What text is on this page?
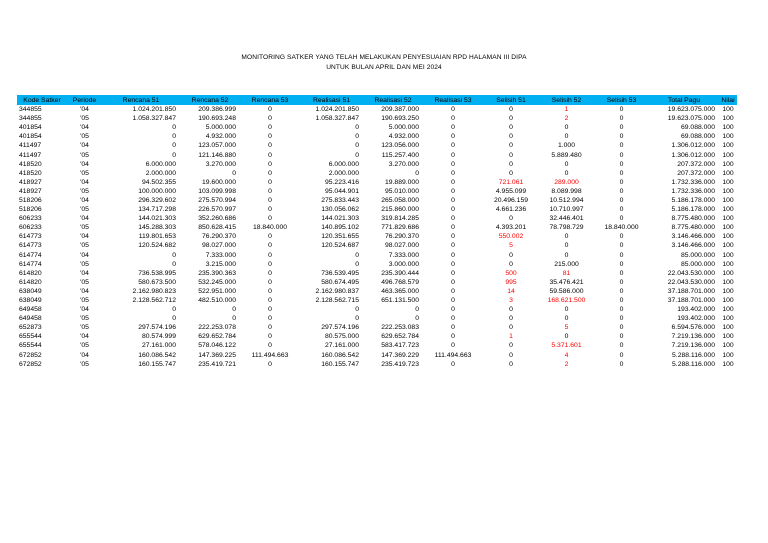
MONITORING SATKER YANG TELAH MELAKUKAN PENYESUAIAN RPD HALAMAN III DIPA
UNTUK BULAN APRIL DAN MEI 2024
Kode Satker	Periode	Rencana 51	Rencana 52	Rencana 53	Realisasi 51	Realisasi 52	Realisasi 53	Selisih 51	Selisih 52	Selisih 53	Total Pagu	Nilai
344855	'04	1.024.201.850	209.386.999	0	1.024.201.850	209.387.000	0	0	1	0	19.623.075.000	100
344855	'05	1.058.327.847	190.693.248	0	1.058.327.847	190.693.250	0	0	2	0	19.623.075.000	100
401854	'04	0	5.000.000	0	0	5.000.000	0	0	0	0	69.088.000	100
401854	'05	0	4.932.000	0	0	4.932.000	0	0	0	0	69.088.000	100
411497	'04	0	123.057.000	0	0	123.056.000	0	0	1.000	0	1.306.012.000	100
411497	'05	0	121.146.880	0	0	115.257.400	0	0	5.889.480	0	1.306.012.000	100
418520	'04	6.000.000	3.270.000	0	6.000.000	3.270.000	0	0	0	0	207.372.000	100
418520	'05	2.000.000	0	0	2.000.000	0	0	0	0	0	207.372.000	100
418927	'04	94.502.355	19.600.000	0	95.223.416	19.889.000	0	721.061	289.000	0	1.732.336.000	100
418927	'05	100.000.000	103.099.998	0	95.044.901	95.010.000	0	4.955.099	8.089.998	0	1.732.336.000	100
518206	'04	296.329.602	275.570.994	0	275.833.443	265.058.000	0	20.496.159	10.512.994	0	5.186.178.000	100
518206	'05	134.717.298	226.570.997	0	130.056.062	215.860.000	0	4.661.236	10.710.997	0	5.186.178.000	100
606233	'04	144.021.303	352.260.686	0	144.021.303	319.814.285	0	0	32.446.401	0	8.775.480.000	100
606233	'05	145.288.303	850.628.415	18.840.000	140.895.102	771.829.686	0	4.393.201	78.798.729	18.840.000	8.775.480.000	100
614773	'04	119.801.653	76.290.370	0	120.351.655	76.290.370	0	550.002	0	0	3.146.466.000	100
614773	'05	120.524.682	98.027.000	0	120.524.687	98.027.000	0	5	0	0	3.146.466.000	100
614774	'04	0	7.333.000	0	0	7.333.000	0	0	0	0	85.000.000	100
614774	'05	0	3.215.000	0	0	3.000.000	0	0	215.000	0	85.000.000	100
614820	'04	736.538.995	235.390.363	0	736.539.495	235.390.444	0	500	81	0	22.043.530.000	100
614820	'05	580.673.500	532.245.000	0	580.674.495	496.768.579	0	995	35.476.421	0	22.043.530.000	100
638049	'04	2.162.980.823	522.951.000	0	2.162.980.837	463.365.000	0	14	59.586.000	0	37.188.701.000	100
638049	'05	2.128.562.712	482.510.000	0	2.128.562.715	651.131.500	0	3	168.621.500	0	37.188.701.000	100
649458	'04	0	0	0	0	0	0	0	0	0	193.402.000	100
649458	'05	0	0	0	0	0	0	0	0	0	193.402.000	100
652873	'05	297.574.196	222.253.078	0	297.574.196	222.253.083	0	0	5	0	6.594.576.000	100
655544	'04	80.574.999	629.652.784	0	80.575.000	629.652.784	0	1	0	0	7.219.136.000	100
655544	'05	27.161.000	578.046.122	0	27.161.000	583.417.723	0	0	5.371.601	0	7.219.136.000	100
672852	'04	160.086.542	147.369.225	111.494.663	160.086.542	147.369.229	111.494.663	0	4	0	5.288.116.000	100
672852	'05	160.155.747	235.419.721	0	160.155.747	235.419.723	0	0	2	0	5.288.116.000	100
